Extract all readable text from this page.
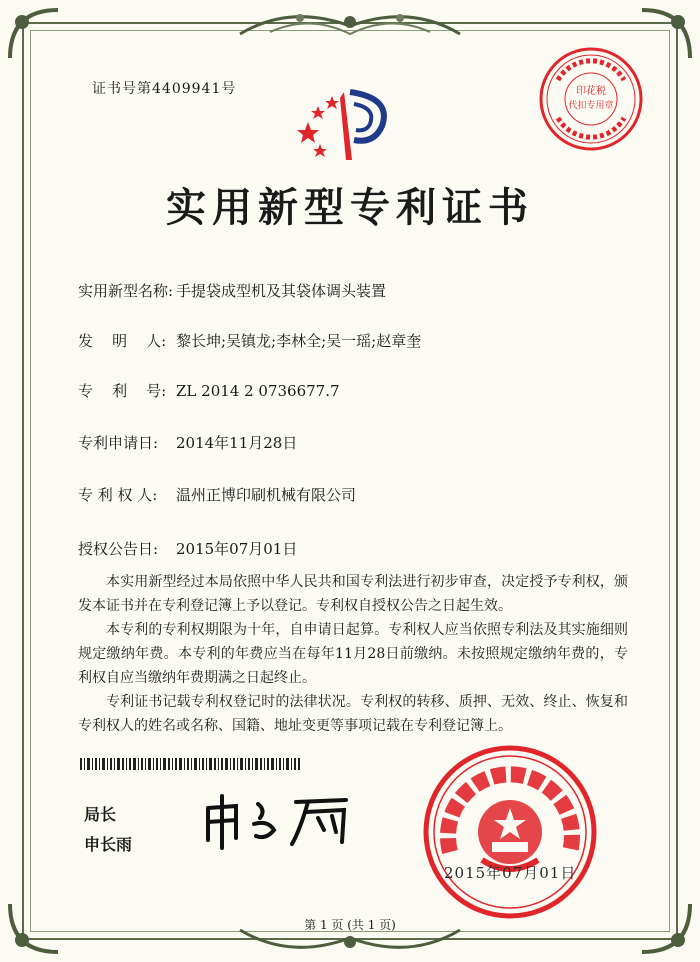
证书号第4409941号	印花税
代扣专用章
实用新型专利证书
实用新型名称: 手提袋成型机及其袋体调头装置
发    明    人: 黎长坤;吴镇龙;李林全;吴一瑶;赵章奎
专    利    号: ZL 2014 2 0736677.7
专利申请日: 2014年11月28日
专 利 权 人: 温州正博印刷机械有限公司
授权公告日: 2015年07月01日
本实用新型经过本局依照中华人民共和国专利法进行初步审查，决定授予专利权，颁发本证书并在专利登记簿上予以登记。专利权自授权公告之日起生效。
本专利的专利权期限为十年，自申请日起算。专利权人应当依照专利法及其实施细则规定缴纳年费。本专利的年费应当在每年11月28日前缴纳。未按照规定缴纳年费的，专利权自应当缴纳年费期满之日起终止。
专利证书记载专利权登记时的法律状况。专利权的转移、质押、无效、终止、恢复和专利权人的姓名或名称、国籍、地址变更等事项记载在专利登记簿上。
局长
申长雨
2015年07月01日
第 1 页 (共 1 页)
